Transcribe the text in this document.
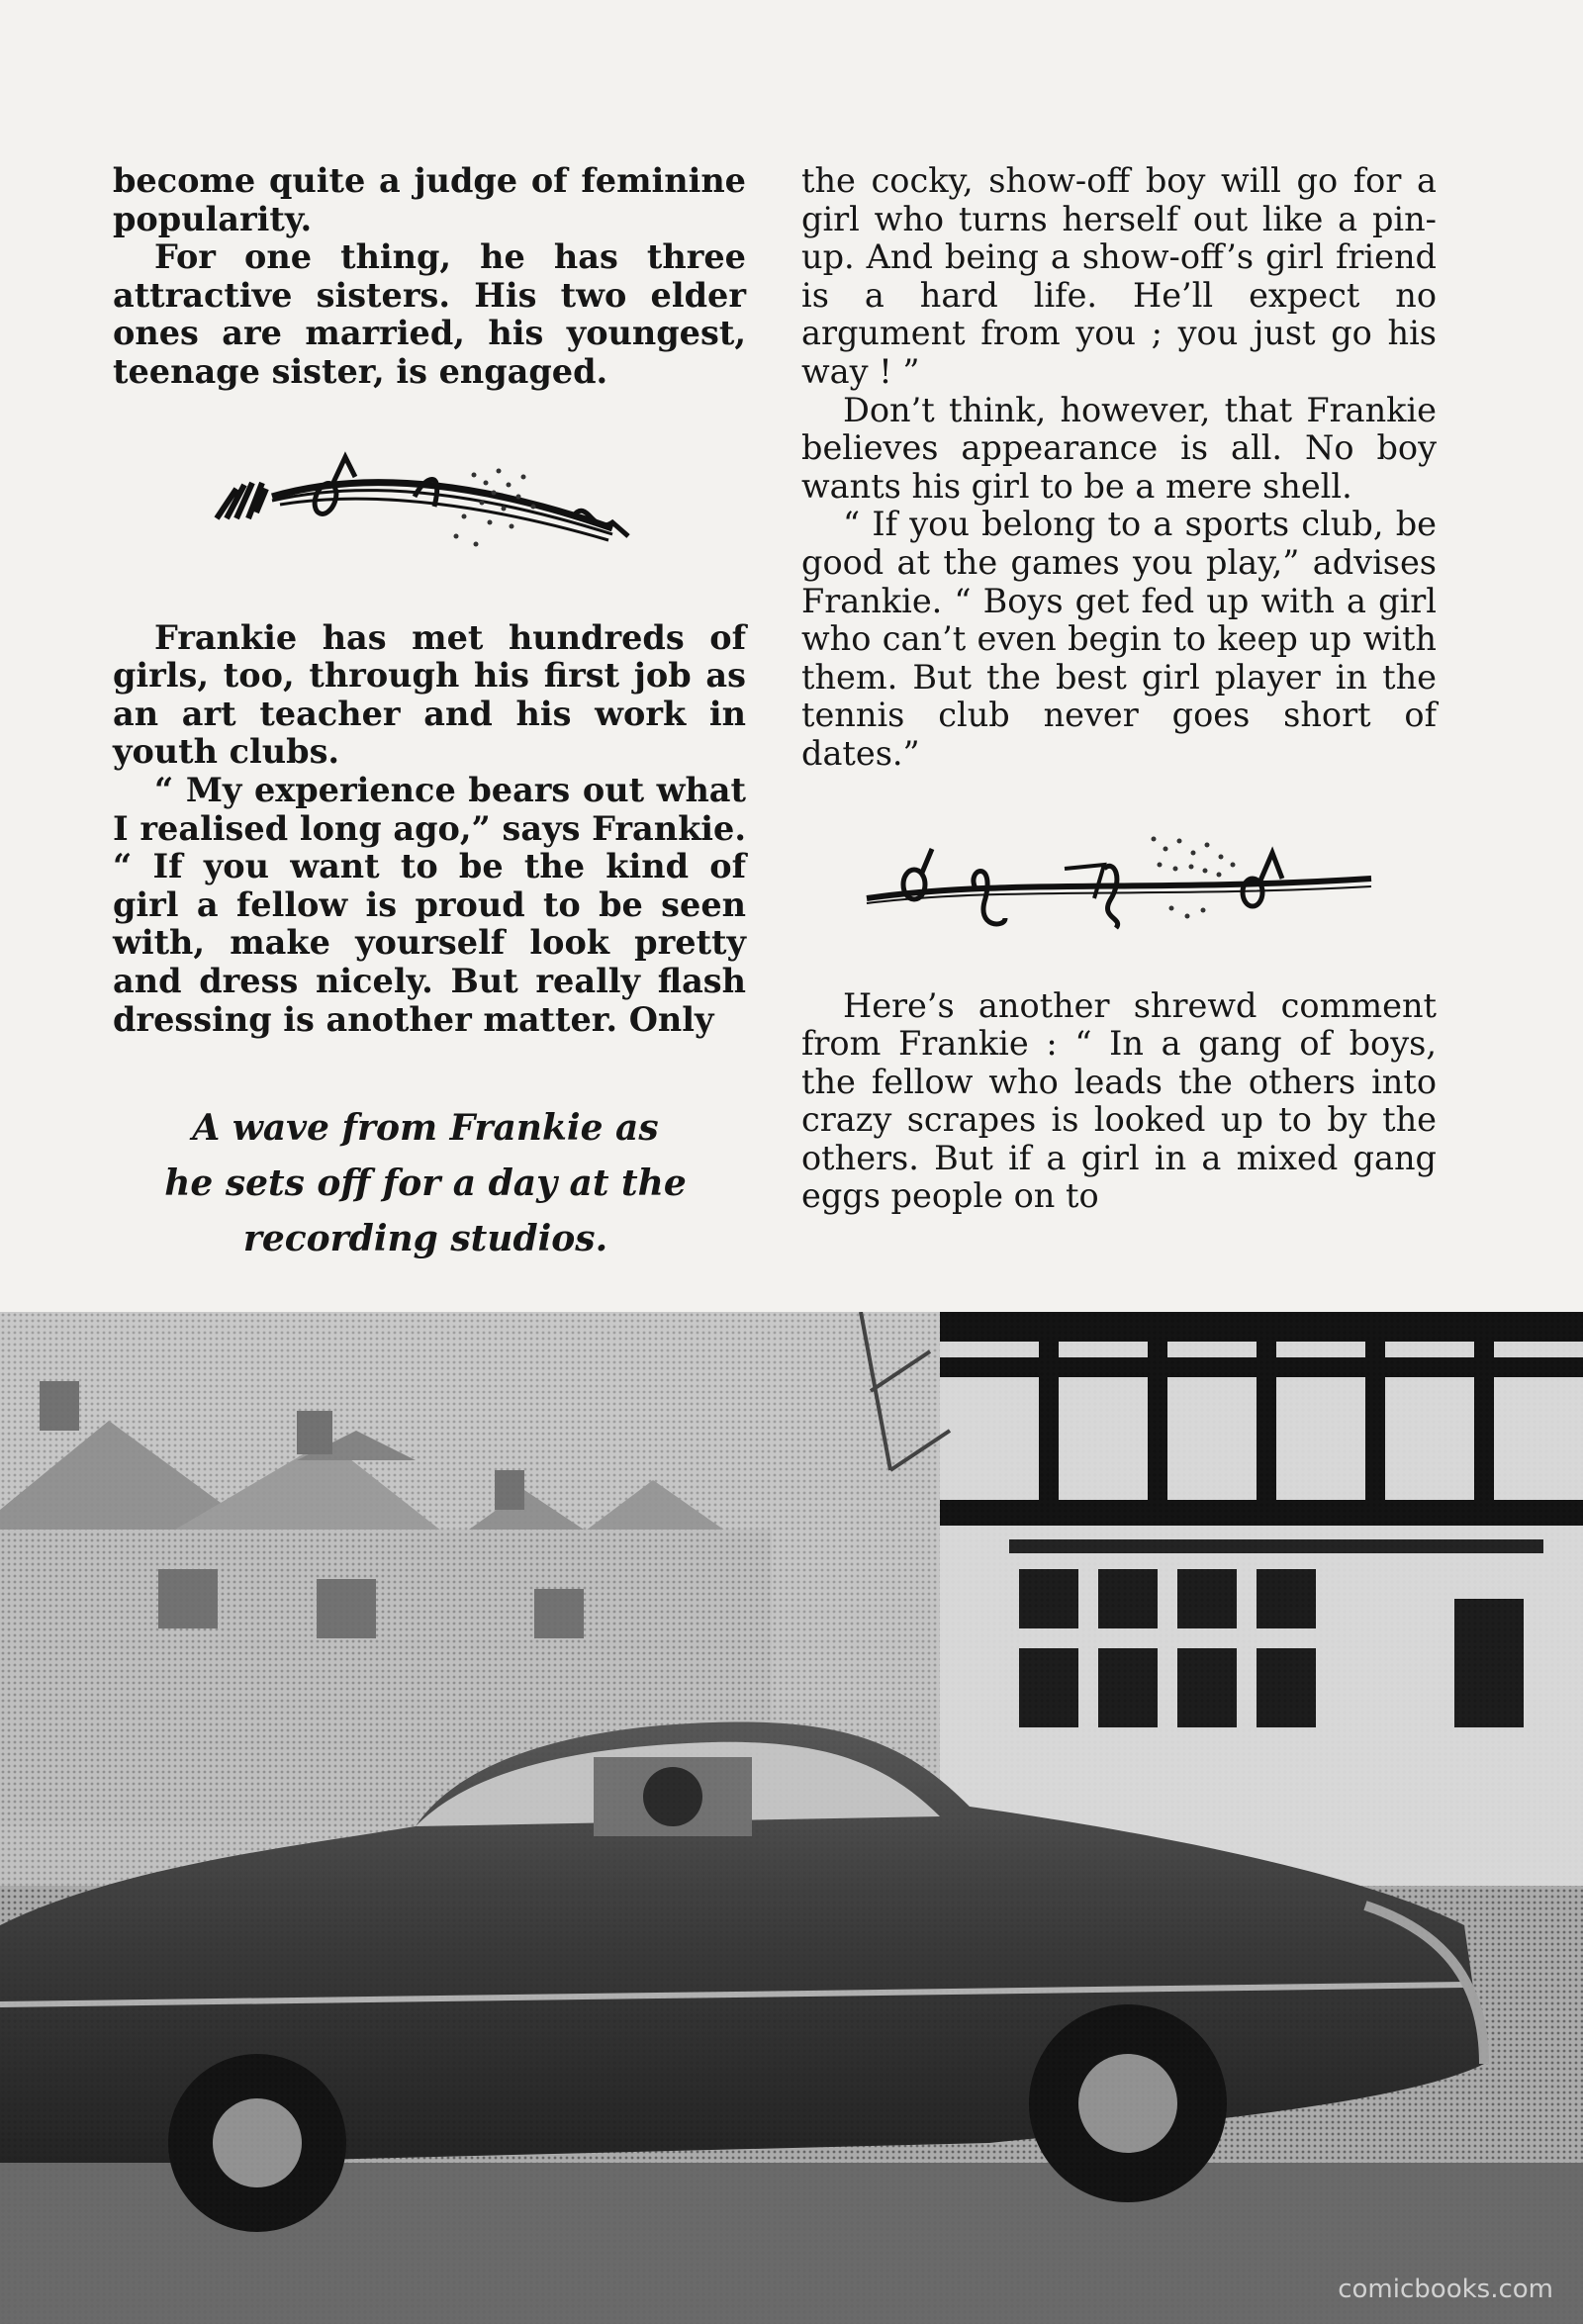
become quite a judge of feminine popularity.

For one thing, he has three attractive sisters. His two elder ones are married, his youngest, teenage sister, is engaged.

Frankie has met hundreds of girls, too, through his first job as an art teacher and his work in youth clubs.

“ My experience bears out what I realised long ago,” says Frankie. “ If you want to be the kind of girl a fellow is proud to be seen with, make yourself look pretty and dress nicely. But really flash dressing is another matter. Only

A wave from Frankie as
he sets off for a day at the
recording studios.

the cocky, show-off boy will go for a girl who turns herself out like a pin-up. And being a show-off’s girl friend is a hard life. He’ll expect no argument from you ; you just go his way ! ”

Don’t think, however, that Frankie believes appearance is all. No boy wants his girl to be a mere shell.

“ If you belong to a sports club, be good at the games you play,” advises Frankie. “ Boys get fed up with a girl who can’t even begin to keep up with them. But the best girl player in the tennis club never goes short of dates.”

Here’s another shrewd comment from Frankie : “ In a gang of boys, the fellow who leads the others into crazy scrapes is looked up to by the others. But if a girl in a mixed gang eggs people on to

comicbooks.com
